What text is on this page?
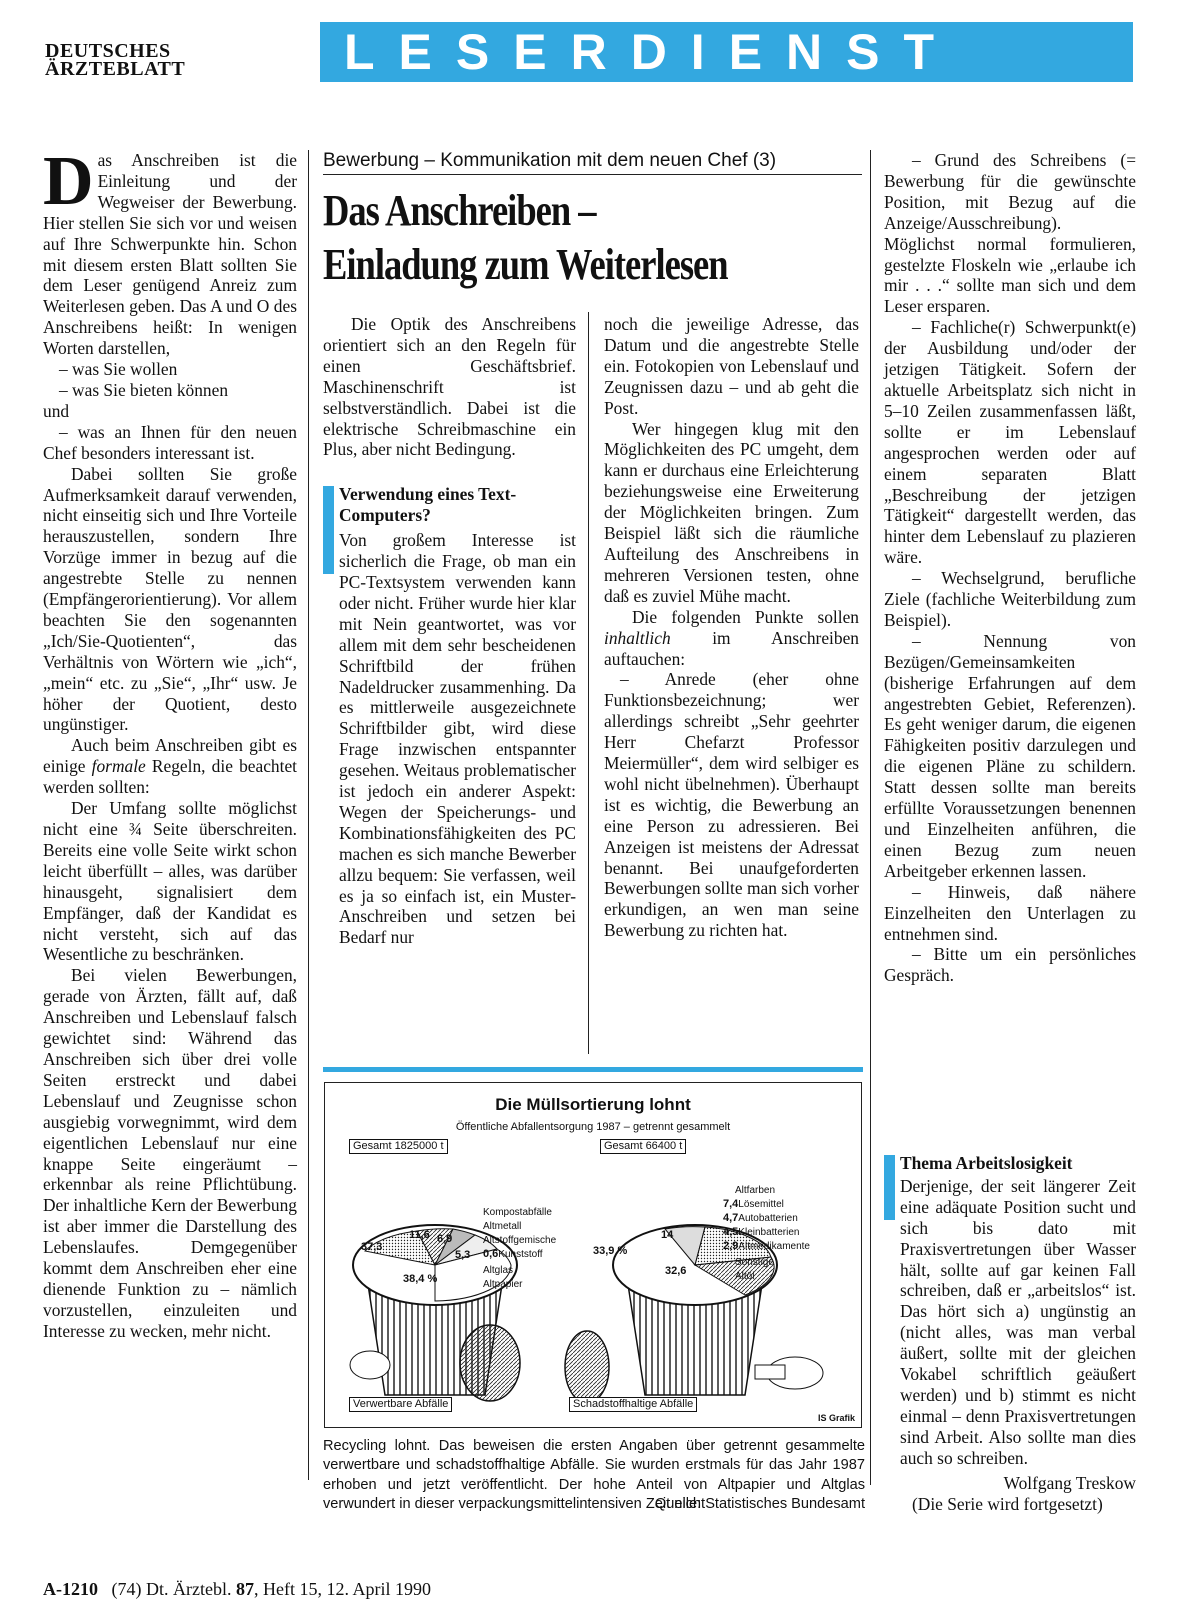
DEUTSCHES
ÄRZTEBLATT	LESERDIENST

Das Anschreiben ist die Einleitung und der Wegweiser der Bewerbung. Hier stellen Sie sich vor und weisen auf Ihre Schwerpunkte hin. Schon mit diesem ersten Blatt sollten Sie dem Leser genügend Anreiz zum Weiterlesen geben. Das A und O des Anschreibens heißt: In wenigen Worten darstellen,

– was Sie wollen

– was Sie bieten können

und

– was an Ihnen für den neuen Chef besonders interessant ist.

Dabei sollten Sie große Aufmerksamkeit darauf verwenden, nicht einseitig sich und Ihre Vorteile herauszustellen, sondern Ihre Vorzüge immer in bezug auf die angestrebte Stelle zu nennen (Empfängerorientierung). Vor allem beachten Sie den sogenannten „Ich/Sie-Quotienten“, das Verhältnis von Wörtern wie „ich“, „mein“ etc. zu „Sie“, „Ihr“ usw. Je höher der Quotient, desto ungünstiger.

Auch beim Anschreiben gibt es einige formale Regeln, die beachtet werden sollten:

Der Umfang sollte möglichst nicht eine ¾ Seite überschreiten. Bereits eine volle Seite wirkt schon leicht überfüllt – alles, was darüber hinausgeht, signalisiert dem Empfänger, daß der Kandidat es nicht versteht, sich auf das Wesentliche zu beschränken.

Bei vielen Bewerbungen, gerade von Ärzten, fällt auf, daß Anschreiben und Lebenslauf falsch gewichtet sind: Während das Anschreiben sich über drei volle Seiten erstreckt und dabei Lebenslauf und Zeugnisse schon ausgiebig vorwegnimmt, wird dem eigentlichen Lebenslauf nur eine knappe Seite eingeräumt – erkennbar als reine Pflichtübung. Der inhaltliche Kern der Bewerbung ist aber immer die Darstellung des Lebenslaufes. Demgegenüber kommt dem Anschreiben eher eine dienende Funktion zu – nämlich vorzustellen, einzuleiten und Interesse zu wecken, mehr nicht.

Bewerbung – Kommunikation mit dem neuen Chef (3)
Das Anschreiben –
Einladung zum Weiterlesen

Die Optik des Anschreibens orientiert sich an den Regeln für einen Geschäftsbrief. Maschinenschrift ist selbstverständlich. Dabei ist die elektrische Schreibmaschine ein Plus, aber nicht Bedingung.

Verwendung eines Text-Computers?

Von großem Interesse ist sicherlich die Frage, ob man ein PC-Textsystem verwenden kann oder nicht. Früher wurde hier klar mit Nein geantwortet, was vor allem mit dem sehr bescheidenen Schriftbild der frühen Nadeldrucker zusammenhing. Da es mittlerweile ausgezeichnete Schriftbilder gibt, wird diese Frage inzwischen entspannter gesehen. Weitaus problematischer ist jedoch ein anderer Aspekt: Wegen der Speicherungs- und Kombinationsfähigkeiten des PC machen es sich manche Bewerber allzu bequem: Sie verfassen, weil es ja so einfach ist, ein Muster-Anschreiben und setzen bei Bedarf nur

noch die jeweilige Adresse, das Datum und die angestrebte Stelle ein. Fotokopien von Lebenslauf und Zeugnissen dazu – und ab geht die Post.

Wer hingegen klug mit den Möglichkeiten des PC umgeht, dem kann er durchaus eine Erleichterung beziehungsweise eine Erweiterung der Möglichkeiten bringen. Zum Beispiel läßt sich die räumliche Aufteilung des Anschreibens in mehreren Versionen testen, ohne daß es zuviel Mühe macht.

Die folgenden Punkte sollen inhaltlich im Anschreiben auftauchen:

– Anrede (eher ohne Funktionsbezeichnung; wer allerdings schreibt „Sehr geehrter Herr Chefarzt Professor Meiermüller“, dem wird selbiger es wohl nicht übelnehmen). Überhaupt ist es wichtig, die Bewerbung an eine Person zu adressieren. Bei Anzeigen ist meistens der Adressat benannt. Bei unaufgeforderten Bewerbungen sollte man sich vorher erkundigen, an wen man seine Bewerbung zu richten hat.

– Grund des Schreibens (= Bewerbung für die gewünschte Position, mit Bezug auf die Anzeige/Ausschreibung). Möglichst normal formulieren, gestelzte Floskeln wie „erlaube ich mir . . .“ sollte man sich und dem Leser ersparen.

– Fachliche(r) Schwerpunkt(e) der Ausbildung und/oder der jetzigen Tätigkeit. Sofern der aktuelle Arbeitsplatz sich nicht in 5–10 Zeilen zusammenfassen läßt, sollte er im Lebenslauf angesprochen werden oder auf einem separaten Blatt „Beschreibung der jetzigen Tätigkeit“ dargestellt werden, das hinter dem Lebenslauf zu plazieren wäre.

– Wechselgrund, berufliche Ziele (fachliche Weiterbildung zum Beispiel).

– Nennung von Bezügen/Gemeinsamkeiten (bisherige Erfahrungen auf dem angestrebten Gebiet, Referenzen). Es geht weniger darum, die eigenen Fähigkeiten positiv darzulegen und die eigenen Pläne zu schildern. Statt dessen sollte man bereits erfüllte Voraussetzungen benennen und Einzelheiten anführen, die einen Bezug zum neuen Arbeitgeber erkennen lassen.

– Hinweis, daß nähere Einzelheiten den Unterlagen zu entnehmen sind.

– Bitte um ein persönliches Gespräch.

Thema Arbeitslosigkeit

Derjenige, der seit längerer Zeit eine adäquate Position sucht und sich bis dato mit Praxisvertretungen über Wasser hält, sollte auf gar keinen Fall schreiben, daß er „arbeitslos“ ist. Das hört sich a) ungünstig an (nicht alles, was man verbal äußert, sollte mit der gleichen Vokabel schriftlich geäußert werden) und b) stimmt es nicht einmal – denn Praxisvertretungen sind Arbeit. Also sollte man dies auch so schreiben.

Wolfgang Treskow

(Die Serie wird fortgesetzt)

Die Müllsortierung lohnt
Öffentliche Abfallentsorgung 1987 – getrennt gesammelt
Gesamt 1825000 t	Gesamt 66400 t
37,3
38,4 %
11,6 6,9
5,3
Kompostabfälle
Altmetall
Altstoffgemische
0,6Kunststoff
Altglas
Altpapier
33,9 %
14
32,6
Altfarben
7,4Lösemittel
4,7Autobatterien
4,5Kleinbatterien
2,9Altmedikamente
Sonstige
Altöl
Verwertbare Abfälle	Schadstoffhaltige Abfälle
IS Grafik
Recycling lohnt. Das beweisen die ersten Angaben über getrennt gesammelte verwertbare und schadstoffhaltige Abfälle. Sie wurden erstmals für das Jahr 1987 erhoben und jetzt veröffentlicht. Der hohe Anteil von Altpapier und Altglas verwundert in dieser verpackungsmittelintensiven Zeit nicht
Quelle: Statistisches Bundesamt
A-1210 (74) Dt. Ärztebl. 87, Heft 15, 12. April 1990
